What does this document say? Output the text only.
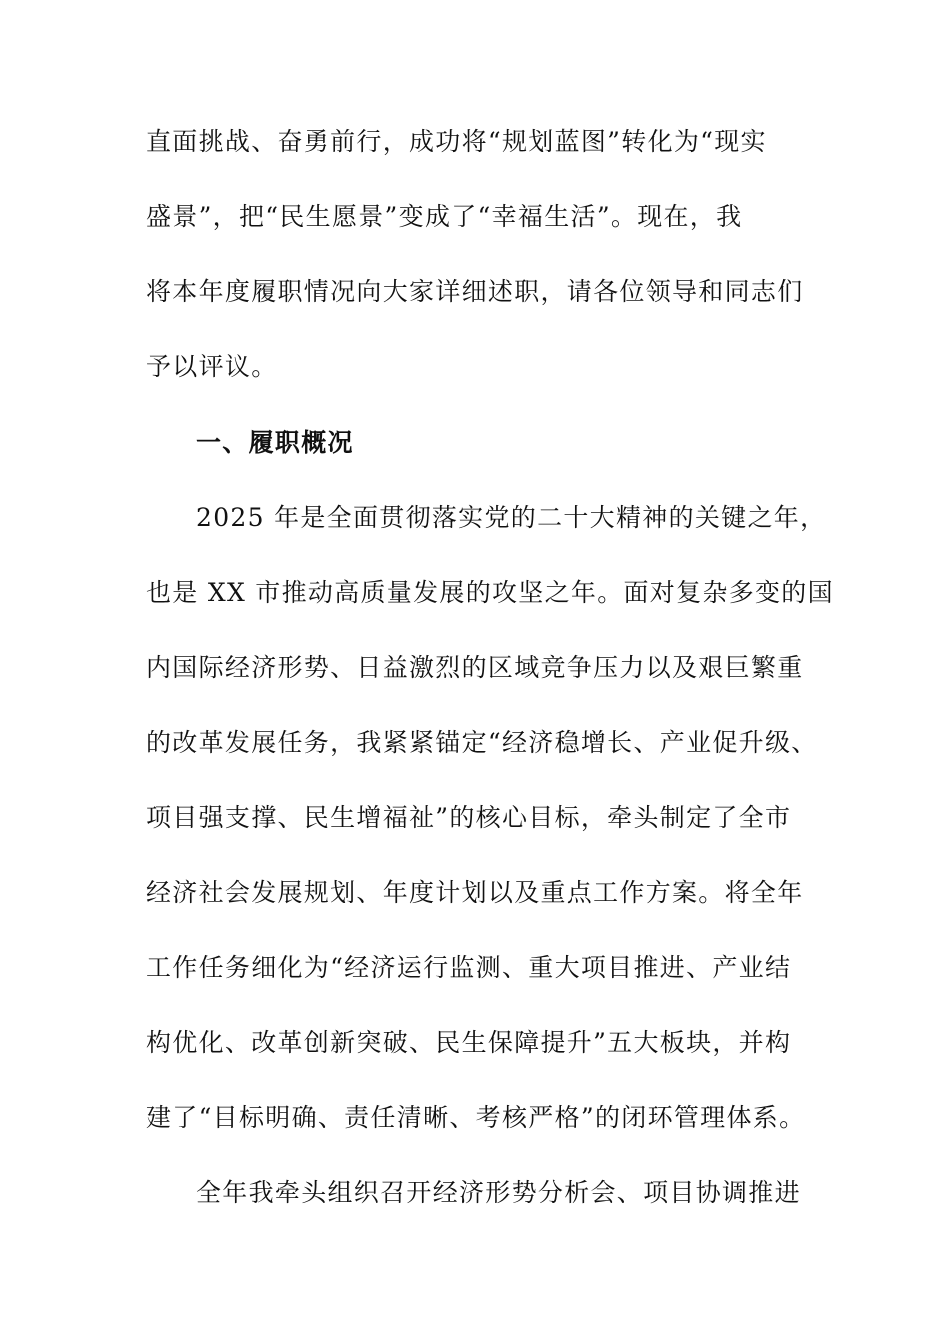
直面挑战、奋勇前行，成功将“规划蓝图”转化为“现实
盛景”，把“民生愿景”变成了“幸福生活”。现在，我
将本年度履职情况向大家详细述职，请各位领导和同志们
予以评议。
一、履职概况
2025 年是全面贯彻落实党的二十大精神的关键之年，
也是 XX 市推动高质量发展的攻坚之年。面对复杂多变的国
内国际经济形势、日益激烈的区域竞争压力以及艰巨繁重
的改革发展任务，我紧紧锚定“经济稳增长、产业促升级、
项目强支撑、民生增福祉”的核心目标，牵头制定了全市
经济社会发展规划、年度计划以及重点工作方案。将全年
工作任务细化为“经济运行监测、重大项目推进、产业结
构优化、改革创新突破、民生保障提升”五大板块，并构
建了“目标明确、责任清晰、考核严格”的闭环管理体系。
全年我牵头组织召开经济形势分析会、项目协调推进
